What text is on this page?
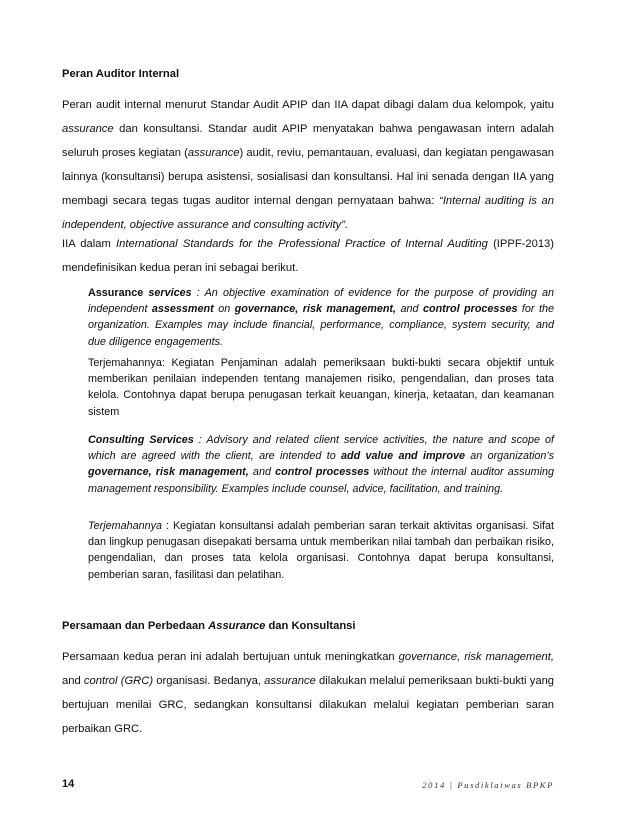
Peran Auditor Internal
Peran audit internal menurut Standar Audit APIP dan IIA dapat dibagi dalam dua kelompok, yaitu assurance dan konsultansi. Standar audit APIP menyatakan bahwa pengawasan intern adalah seluruh proses kegiatan (assurance) audit, reviu, pemantauan, evaluasi, dan kegiatan pengawasan lainnya (konsultansi) berupa asistensi, sosialisasi dan konsultansi. Hal ini senada dengan IIA yang membagi secara tegas tugas auditor internal dengan pernyataan bahwa: “Internal auditing is an independent, objective assurance and consulting activity”.
IIA dalam International Standards for the Professional Practice of Internal Auditing (IPPF-2013) mendefinisikan kedua peran ini sebagai berikut.
Assurance services : An objective examination of evidence for the purpose of providing an independent assessment on governance, risk management, and control processes for the organization. Examples may include financial, performance, compliance, system security, and due diligence engagements.
Terjemahannya: Kegiatan Penjaminan adalah pemeriksaan bukti-bukti secara objektif untuk memberikan penilaian independen tentang manajemen risiko, pengendalian, dan proses tata kelola. Contohnya dapat berupa penugasan terkait keuangan, kinerja, ketaatan, dan keamanan sistem
Consulting Services : Advisory and related client service activities, the nature and scope of which are agreed with the client, are intended to add value and improve an organization’s governance, risk management, and control processes without the internal auditor assuming management responsibility. Examples include counsel, advice, facilitation, and training.
Terjemahannya : Kegiatan konsultansi adalah pemberian saran terkait aktivitas organisasi. Sifat dan lingkup penugasan disepakati bersama untuk memberikan nilai tambah dan perbaikan risiko, pengendalian, dan proses tata kelola organisasi. Contohnya dapat berupa konsultansi, pemberian saran, fasilitasi dan pelatihan.
Persamaan dan Perbedaan Assurance dan Konsultansi
Persamaan kedua peran ini adalah bertujuan untuk meningkatkan governance, risk management, and control (GRC) organisasi. Bedanya, assurance dilakukan melalui pemeriksaan bukti-bukti yang bertujuan menilai GRC, sedangkan konsultansi dilakukan melalui kegiatan pemberian saran perbaikan GRC.
14	2014 | Pusdiklatwas BPKP
